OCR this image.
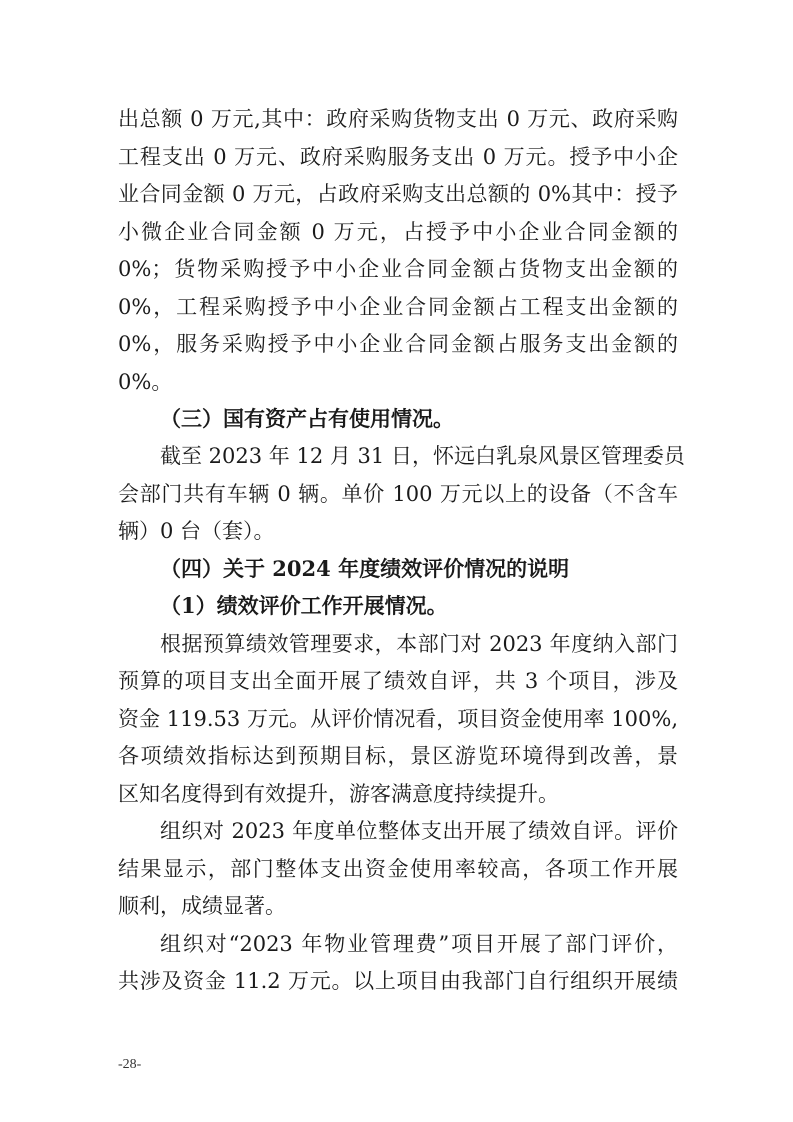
出总额 0 万元,其中：政府采购货物支出 0 万元、政府采购
工程支出 0 万元、政府采购服务支出 0 万元。授予中小企
业合同金额 0 万元，占政府采购支出总额的 0%其中：授予
小微企业合同金额 0 万元，占授予中小企业合同金额的
0%；货物采购授予中小企业合同金额占货物支出金额的
0%，工程采购授予中小企业合同金额占工程支出金额的
0%，服务采购授予中小企业合同金额占服务支出金额的
0%。
（三）国有资产占有使用情况。
截至 2023 年 12 月 31 日，怀远白乳泉风景区管理委员
会部门共有车辆 0 辆。单价 100 万元以上的设备（不含车
辆）0 台（套）。
（四）关于 2024 年度绩效评价情况的说明
（1）绩效评价工作开展情况。
根据预算绩效管理要求，本部门对 2023 年度纳入部门
预算的项目支出全面开展了绩效自评，共 3 个项目，涉及
资金 119.53 万元。从评价情况看，项目资金使用率 100%,
各项绩效指标达到预期目标，景区游览环境得到改善，景
区知名度得到有效提升，游客满意度持续提升。
组织对 2023 年度单位整体支出开展了绩效自评。评价
结果显示，部门整体支出资金使用率较高，各项工作开展
顺利，成绩显著。
组织对“2023 年物业管理费”项目开展了部门评价，
共涉及资金 11.2 万元。以上项目由我部门自行组织开展绩
-28-
